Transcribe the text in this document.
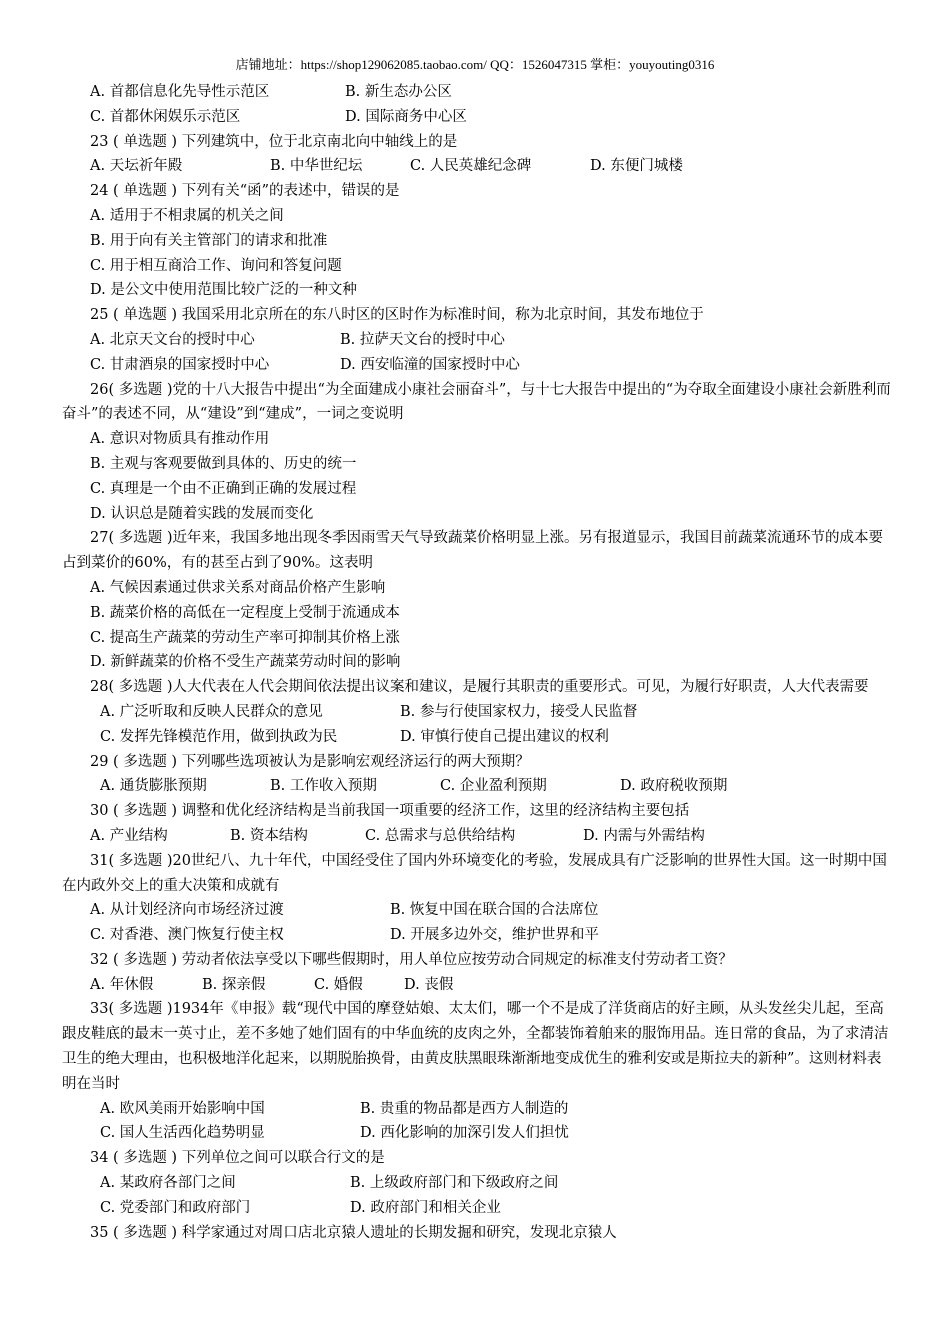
店铺地址：https://shop129062085.taobao.com/ QQ：1526047315 掌柜：youyouting0316
A. 首都信息化先导性示范区	B. 新生态办公区
C. 首都休闲娱乐示范区	D. 国际商务中心区
23 ( 单选题 ) 下列建筑中，位于北京南北向中轴线上的是
A. 天坛祈年殿	B. 中华世纪坛	C. 人民英雄纪念碑	D. 东便门城楼
24 ( 单选题 ) 下列有关“函”的表述中，错误的是
A. 适用于不相隶属的机关之间
B. 用于向有关主管部门的请求和批准
C. 用于相互商洽工作、询问和答复问题
D. 是公文中使用范围比较广泛的一种文种
25 ( 单选题 ) 我国采用北京所在的东八时区的区时作为标准时间，称为北京时间，其发布地位于
A. 北京天文台的授时中心	B. 拉萨天文台的授时中心
C. 甘肃酒泉的国家授时中心	D. 西安临潼的国家授时中心
26( 多选题 )党的十八大报告中提出“为全面建成小康社会丽奋斗”，与十七大报告中提出的“为夺取全面建设小康社会新胜利而奋斗”的表述不同，从“建设”到“建成”，一词之变说明
A. 意识对物质具有推动作用
B. 主观与客观要做到具体的、历史的统一
C. 真理是一个由不正确到正确的发展过程
D. 认识总是随着实践的发展而变化
27( 多选题 )近年来，我国多地出现冬季因雨雪天气导致蔬菜价格明显上涨。另有报道显示，我国目前蔬菜流通环节的成本要占到菜价的60%，有的甚至占到了90%。这表明
A. 气候因素通过供求关系对商品价格产生影响
B. 蔬菜价格的高低在一定程度上受制于流通成本
C. 提高生产蔬菜的劳动生产率可抑制其价格上涨
D. 新鲜蔬菜的价格不受生产蔬菜劳动时间的影响
28( 多选题 )人大代表在人代会期间依法提出议案和建议，是履行其职责的重要形式。可见，为履行好职责，人大代表需要
A. 广泛听取和反映人民群众的意见	B. 参与行使国家权力，接受人民监督
C. 发挥先锋模范作用，做到执政为民	D. 审慎行使自己提出建议的权利
29 ( 多选题 ) 下列哪些选项被认为是影响宏观经济运行的两大预期？
A. 通货膨胀预期	B. 工作收入预期	C. 企业盈利预期	D. 政府税收预期
30 ( 多选题 ) 调整和优化经济结构是当前我国一项重要的经济工作，这里的经济结构主要包括
A. 产业结构	B. 资本结构	C. 总需求与总供给结构	D. 内需与外需结构
31( 多选题 )20世纪八、九十年代，中国经受住了国内外环境变化的考验，发展成具有广泛影响的世界性大国。这一时期中国在内政外交上的重大决策和成就有
A. 从计划经济向市场经济过渡	B. 恢复中国在联合国的合法席位
C. 对香港、澳门恢复行使主权	D. 开展多边外交，维护世界和平
32 ( 多选题 ) 劳动者依法享受以下哪些假期时，用人单位应按劳动合同规定的标准支付劳动者工资？
A. 年休假	B. 探亲假	C. 婚假	D. 丧假
33( 多选题 )1934年《申报》载“现代中国的摩登姑娘、太太们，哪一个不是成了洋货商店的好主顾，从头发丝尖儿起，至高跟皮鞋底的最末一英寸止，差不多她了她们固有的中华血统的皮肉之外，全都装饰着舶来的服饰用品。连日常的食品，为了求清洁卫生的绝大理由，也积极地洋化起来，以期脱胎换骨，由黄皮肤黑眼珠渐渐地变成优生的雅利安或是斯拉夫的新种”。这则材料表明在当时
A. 欧风美雨开始影响中国	B. 贵重的物品都是西方人制造的
C. 国人生活西化趋势明显	D. 西化影响的加深引发人们担忧
34 ( 多选题 ) 下列单位之间可以联合行文的是
A. 某政府各部门之间	B. 上级政府部门和下级政府之间
C. 党委部门和政府部门	D. 政府部门和相关企业
35 ( 多选题 ) 科学家通过对周口店北京猿人遗址的长期发掘和研究，发现北京猿人
